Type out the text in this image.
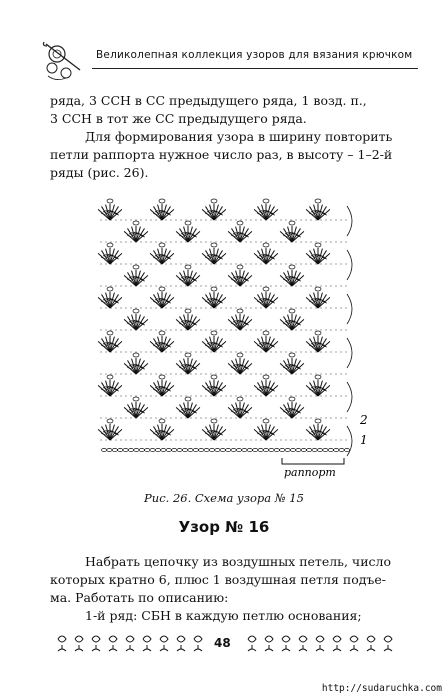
Великолепная коллекция узоров для вязания крючком
ряда, 3 ССН в СС предыдущего ряда, 1 возд. п.,
3 ССН в тот же СС предыдущего ряда.
Для формирования узора в ширину повторить
петли раппорта нужное число раз, в высоту – 1–2-й
ряды (рис. 26).
2
1
раппорт
Рис. 26. Схема узора № 15
Узор № 16
Набрать цепочку из воздушных петель, число
которых кратно 6, плюс 1 воздушная петля подъе-
ма. Работать по описанию:
1-й ряд: СБН в каждую петлю основания;
48
http://sudaruchka.com
